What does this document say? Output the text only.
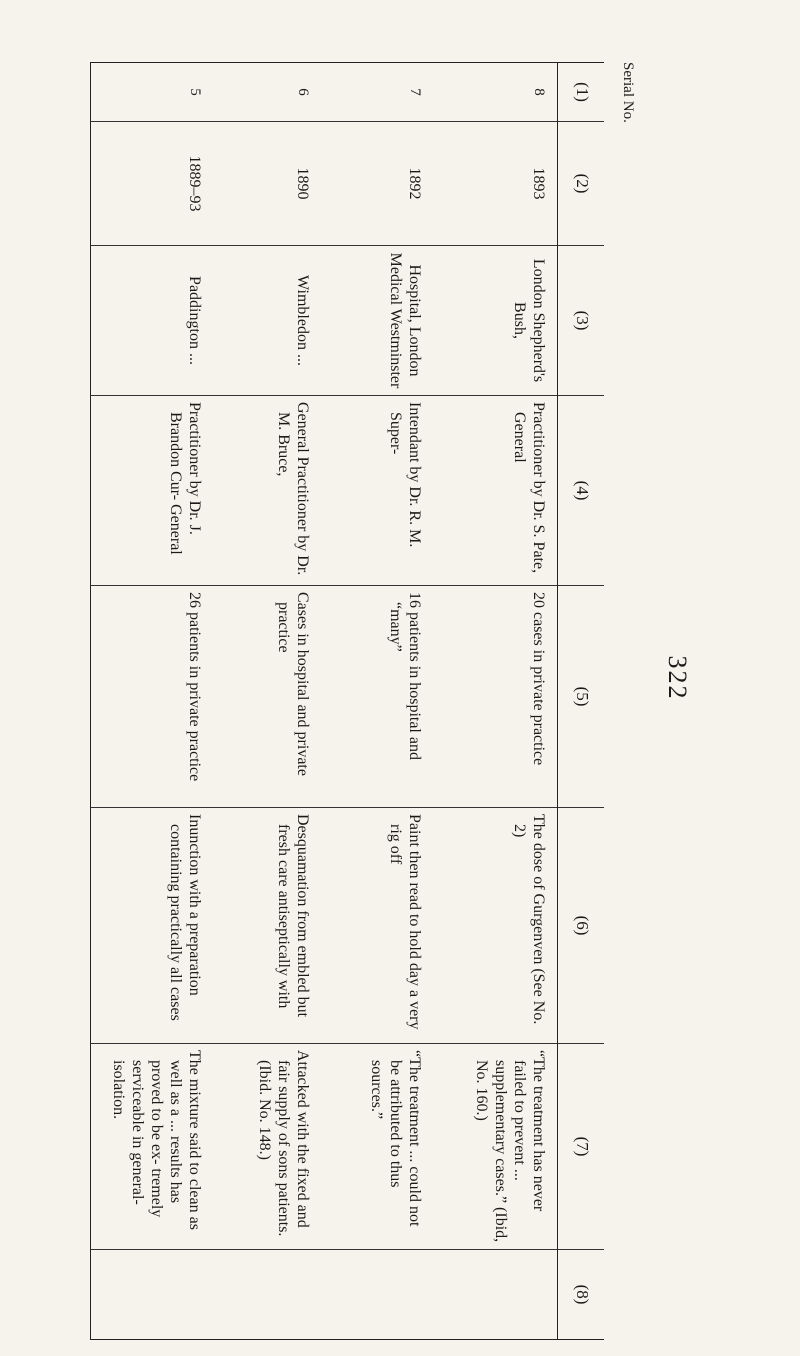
322
(1)
8
7
6
5
(2)
1893
1892
1890
1889–93
(3)
London Shepherd's Bush,
Hospital, London Medical Westminster
Wimbledon ...
Paddington ...
(4)
Practitioner by Dr. S. Pate, General
Intendant by Dr. R. M. Super-
General Practitioner by Dr. M. Bruce,
Practitioner by Dr. J. Brandon Cur- General
(5)
20 cases in private practice
16 patients in hospital and “many”
Cases in hospital and private practice
26 patients in private practice
(6)
The dose of Gurgenven (See No. 2)
Paint then read to hold day a very rig off
Desquamation from embled but fresh care antiseptically with
Inunction with a preparation containing practically all cases
(7)
“The treatment has never failed to prevent ... supplementary cases.” (Ibid, No. 160.)
“The treatment ... could not be attributed to thus sources.”
Attacked with the fixed and fair supply of sons patients. (Ibid. No. 148.)
The mixture said to clean as well as a ... results has proved to be ex- tremely serviceable in general- isolation.
(8)
Serial No.
